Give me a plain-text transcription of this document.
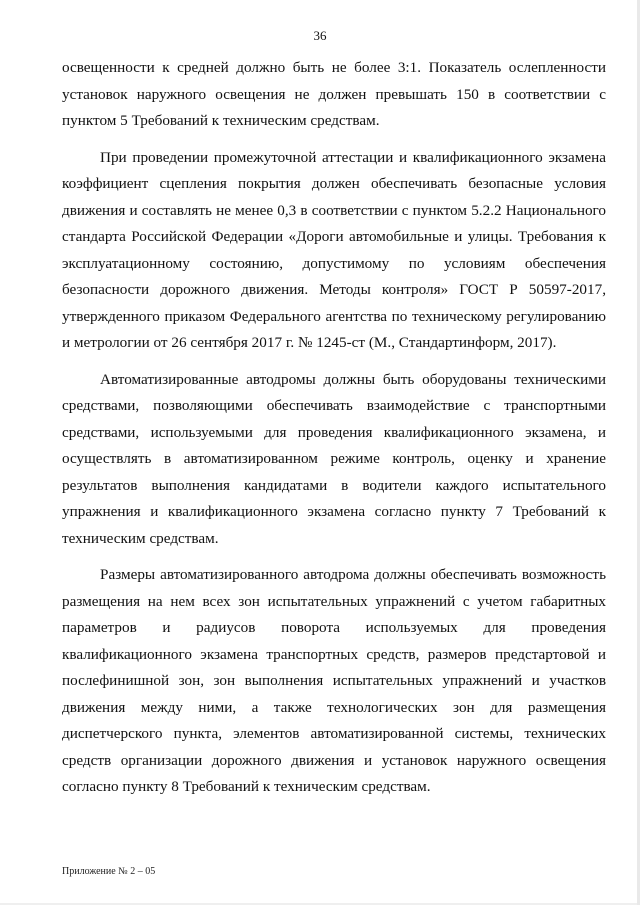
36

освещенности к средней должно быть не более 3:1. Показатель ослепленности установок наружного освещения не должен превышать 150 в соответствии с пунктом 5 Требований к техническим средствам.

При проведении промежуточной аттестации и квалификационного экзамена коэффициент сцепления покрытия должен обеспечивать безопасные условия движения и составлять не менее 0,3 в соответствии с пунктом 5.2.2 Национального стандарта Российской Федерации «Дороги автомобильные и улицы. Требования к эксплуатационному состоянию, допустимому по условиям обеспечения безопасности дорожного движения. Методы контроля» ГОСТ Р 50597-2017, утвержденного приказом Федерального агентства по техническому регулированию и метрологии от 26 сентября 2017 г. № 1245-ст (М., Стандартинформ, 2017).

Автоматизированные автодромы должны быть оборудованы техническими средствами, позволяющими обеспечивать взаимодействие с транспортными средствами, используемыми для проведения квалификационного экзамена, и осуществлять в автоматизированном режиме контроль, оценку и хранение результатов выполнения кандидатами в водители каждого испытательного упражнения и квалификационного экзамена согласно пункту 7 Требований к техническим средствам.

Размеры автоматизированного автодрома должны обеспечивать возможность размещения на нем всех зон испытательных упражнений с учетом габаритных параметров и радиусов поворота используемых для проведения квалификационного экзамена транспортных средств, размеров предстартовой и послефинишной зон, зон выполнения испытательных упражнений и участков движения между ними, а также технологических зон для размещения диспетчерского пункта, элементов автоматизированной системы, технических средств организации дорожного движения и установок наружного освещения согласно пункту 8 Требований к техническим средствам.

Приложение № 2 – 05
